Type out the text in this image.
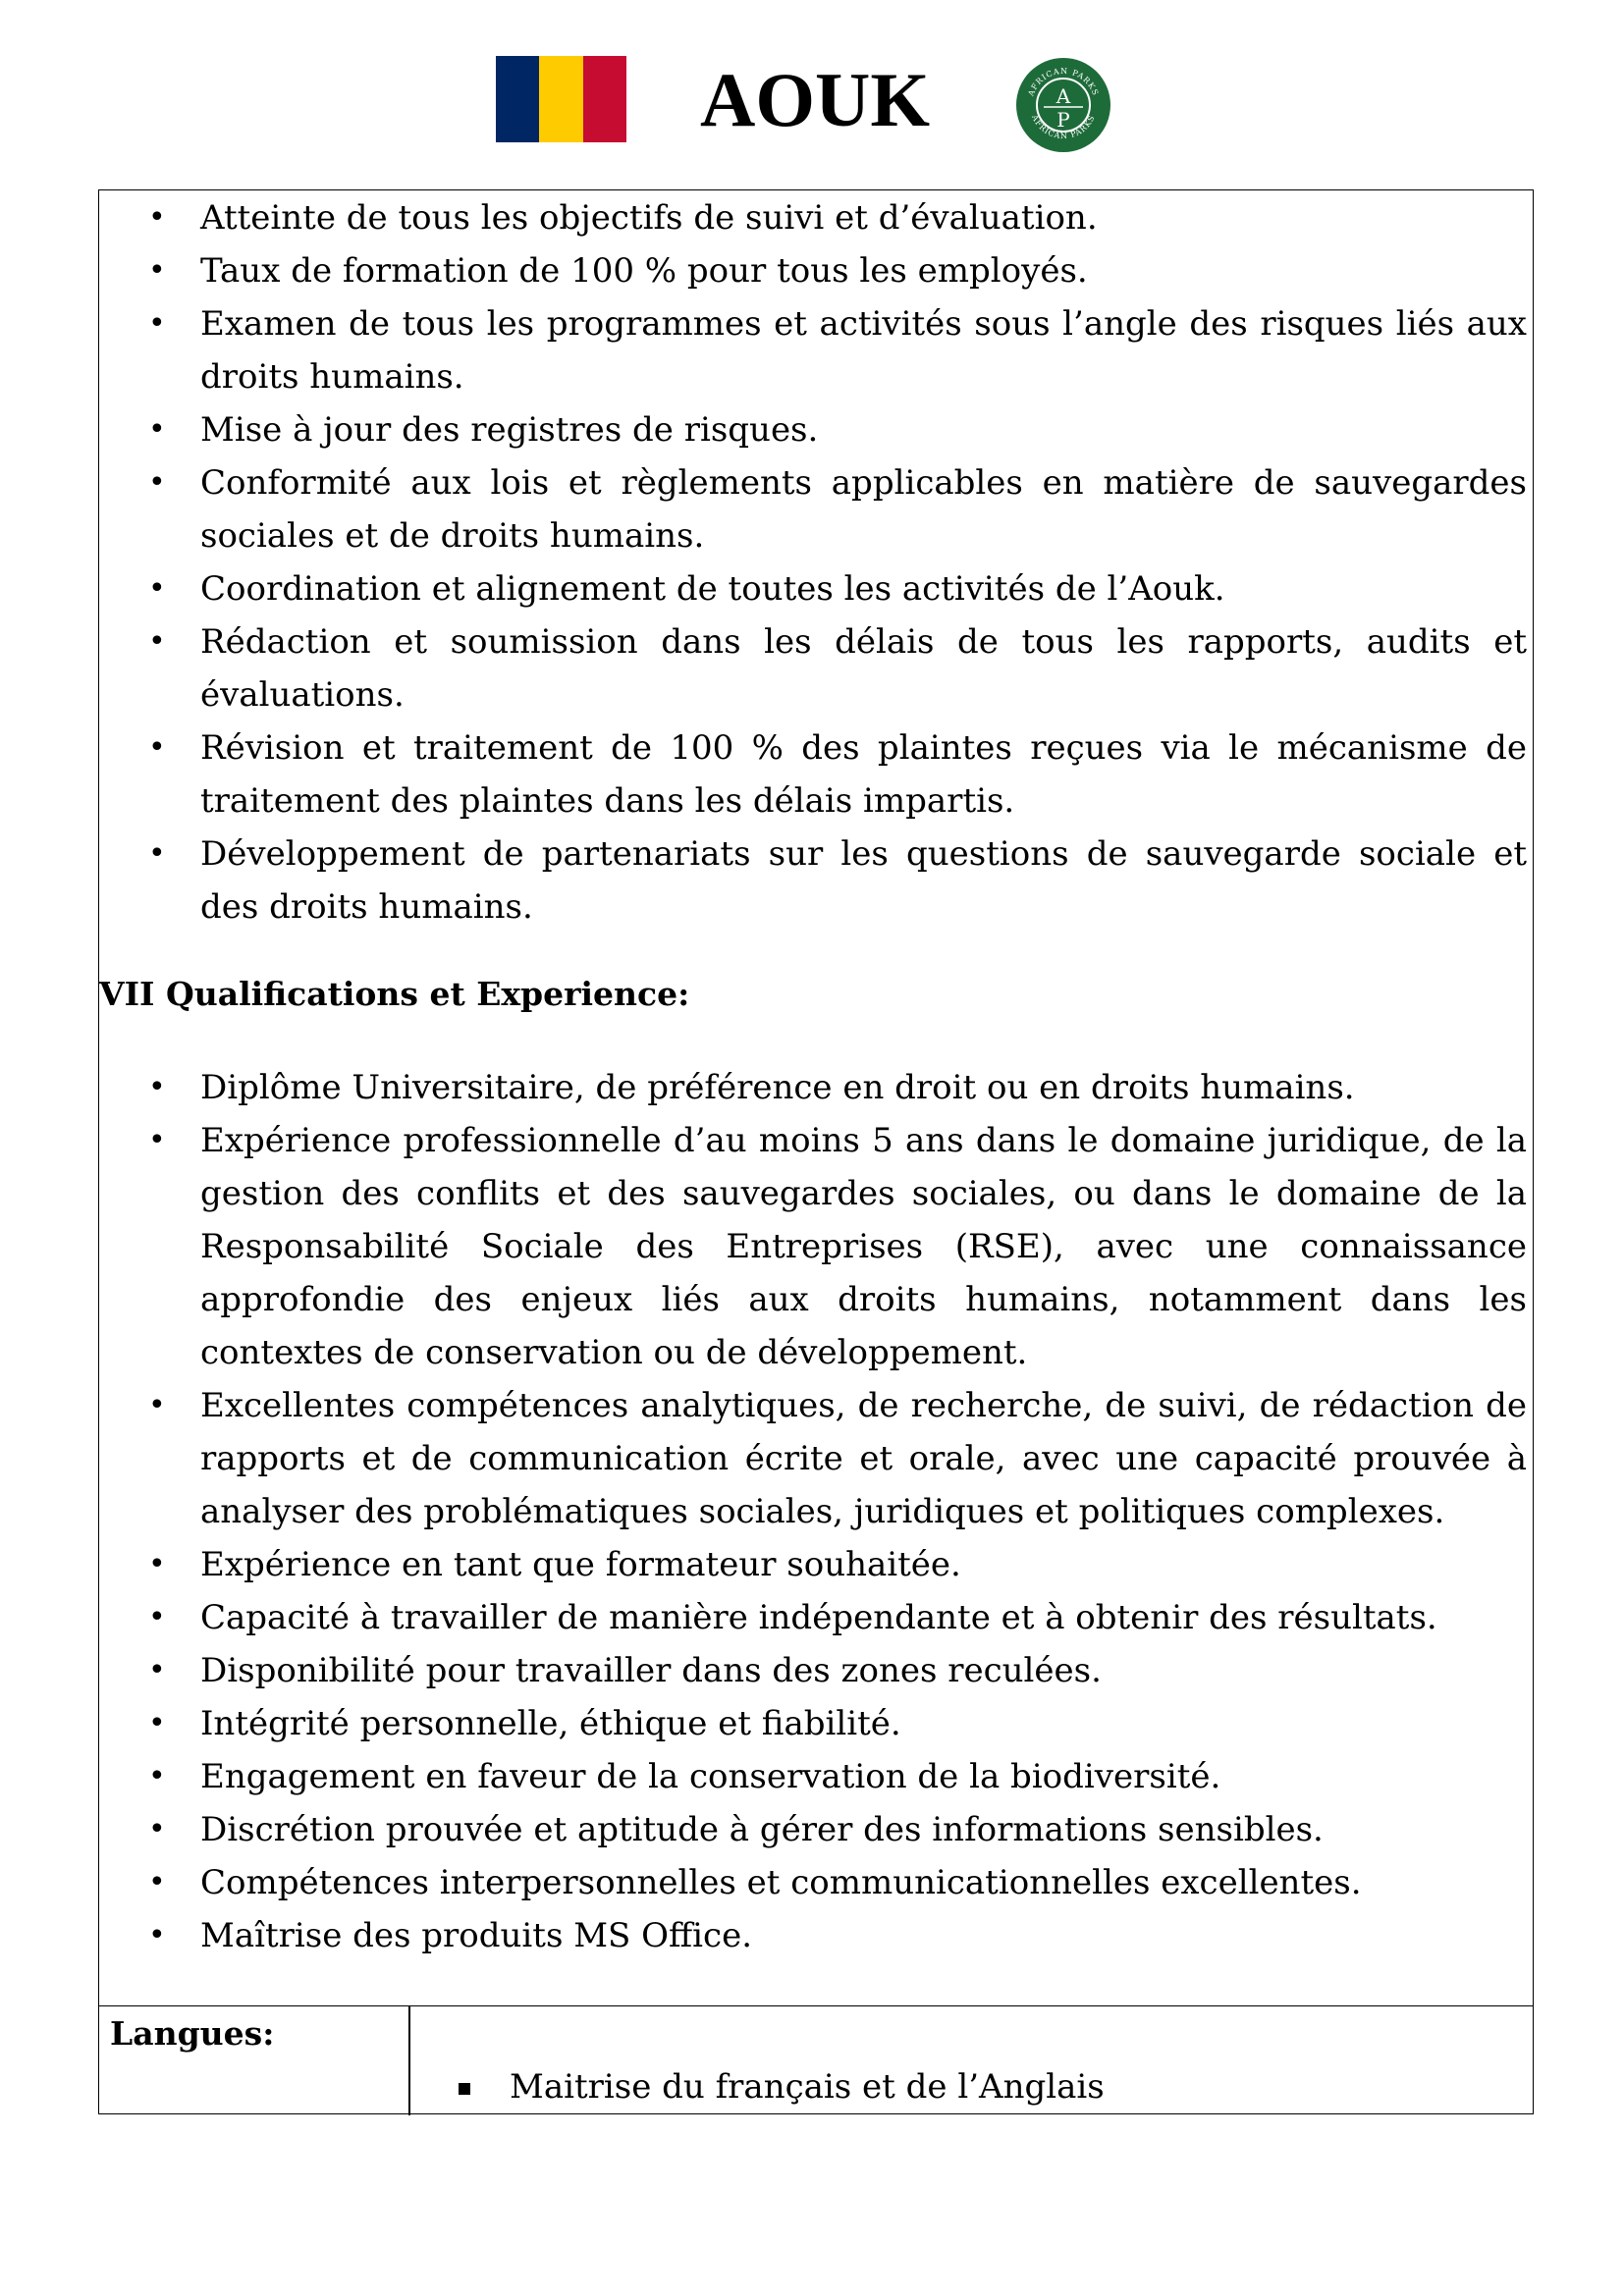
AOUK	AFRICAN PARKS
AFRICAN PARKS
A
P
• Atteinte de tous les objectifs de suivi et d’évaluation.
• Taux de formation de 100 % pour tous les employés.
• Examen de tous les programmes et activités sous l’angle des risques liés aux droits humains.
• Mise à jour des registres de risques.
• Conformité aux lois et règlements applicables en matière de sauvegardes sociales et de droits humains.
• Coordination et alignement de toutes les activités de l’Aouk.
• Rédaction et soumission dans les délais de tous les rapports, audits et évaluations.
• Révision et traitement de 100 % des plaintes reçues via le mécanisme de traitement des plaintes dans les délais impartis.
• Développement de partenariats sur les questions de sauvegarde sociale et des droits humains.
VII Qualifications et Experience:
• Diplôme Universitaire, de préférence en droit ou en droits humains.
• Expérience professionnelle d’au moins 5 ans dans le domaine juridique, de la gestion des conflits et des sauvegardes sociales, ou dans le domaine de la Responsabilité Sociale des Entreprises (RSE), avec une connaissance approfondie des enjeux liés aux droits humains, notamment dans les contextes de conservation ou de développement.
• Excellentes compétences analytiques, de recherche, de suivi, de rédaction de rapports et de communication écrite et orale, avec une capacité prouvée à analyser des problématiques sociales, juridiques et politiques complexes.
• Expérience en tant que formateur souhaitée.
• Capacité à travailler de manière indépendante et à obtenir des résultats.
• Disponibilité pour travailler dans des zones reculées.
• Intégrité personnelle, éthique et fiabilité.
• Engagement en faveur de la conservation de la biodiversité.
• Discrétion prouvée et aptitude à gérer des informations sensibles.
• Compétences interpersonnelles et communicationnelles excellentes.
• Maîtrise des produits MS Office.
Langues:
Maitrise du français et de l’Anglais
